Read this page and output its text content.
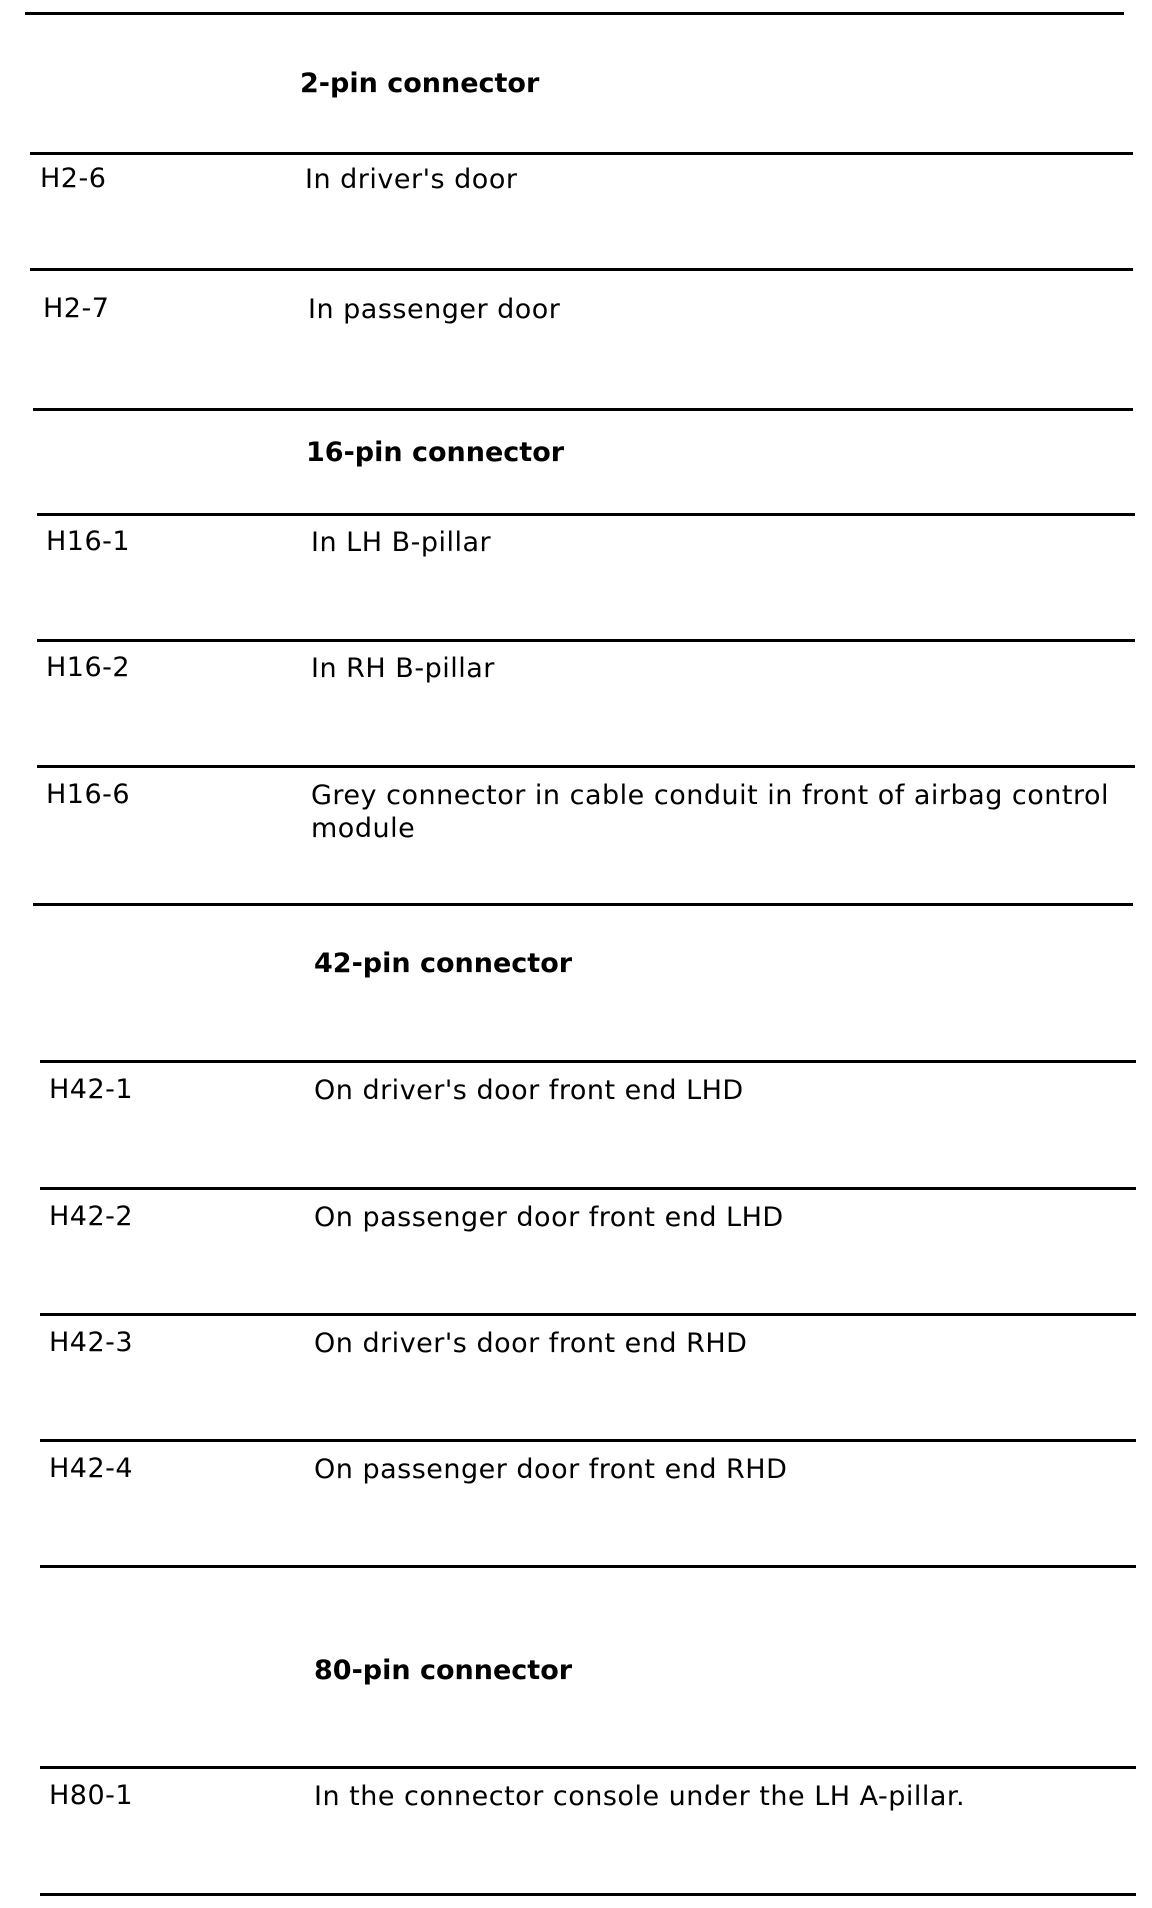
2-pin connector
H2-6	In driver's door
H2-7	In passenger door
16-pin connector
H16-1	In LH B-pillar
H16-2	In RH B-pillar
H16-6	Grey connector in cable conduit in front of airbag control module
42-pin connector
H42-1	On driver's door front end LHD
H42-2	On passenger door front end LHD
H42-3	On driver's door front end RHD
H42-4	On passenger door front end RHD
80-pin connector
H80-1	In the connector console under the LH A-pillar.
